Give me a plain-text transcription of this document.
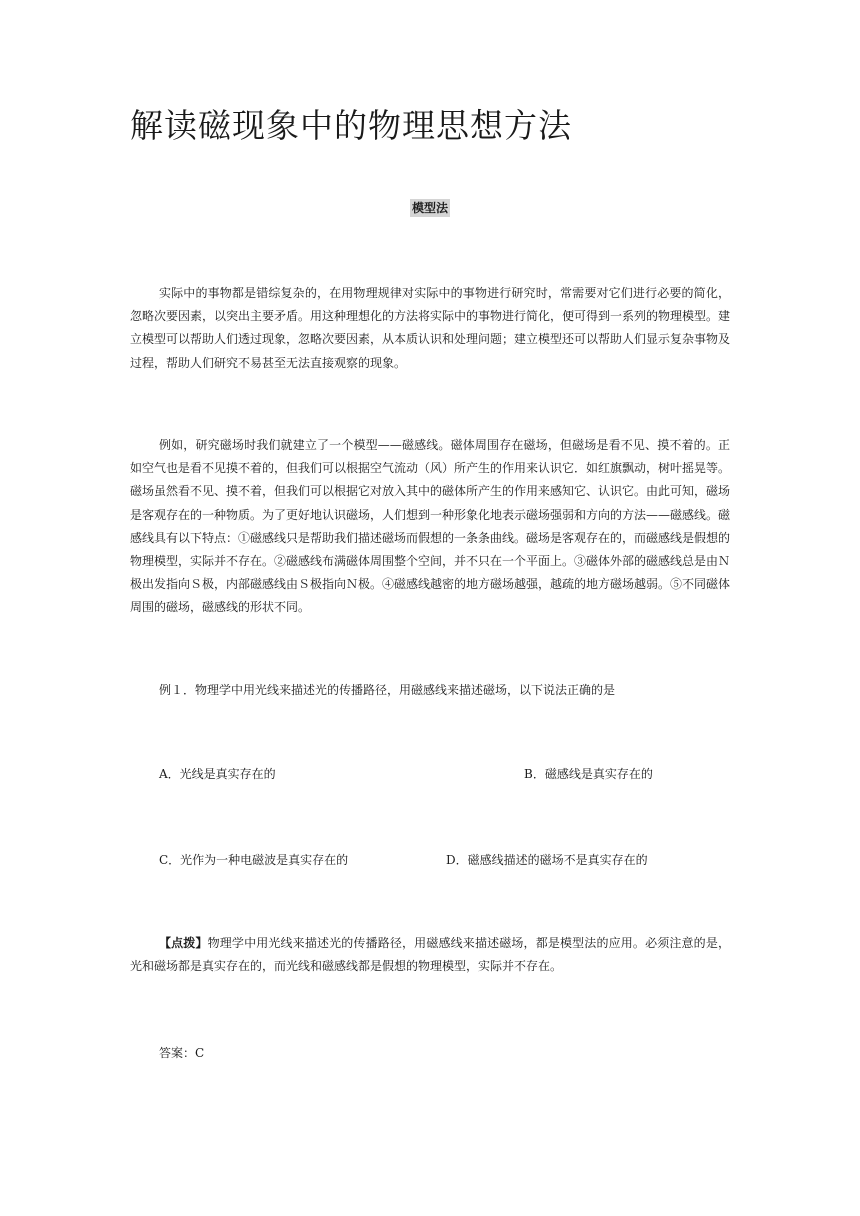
解读磁现象中的物理思想方法
模型法

实际中的事物都是错综复杂的，在用物理规律对实际中的事物进行研究时，常需要对它们进行必要的简化，忽略次要因素，以突出主要矛盾。用这种理想化的方法将实际中的事物进行简化，便可得到一系列的物理模型。建立模型可以帮助人们透过现象，忽略次要因素，从本质认识和处理问题；建立模型还可以帮助人们显示复杂事物及过程，帮助人们研究不易甚至无法直接观察的现象。

例如，研究磁场时我们就建立了一个模型——磁感线。磁体周围存在磁场，但磁场是看不见、摸不着的。正如空气也是看不见摸不着的，但我们可以根据空气流动（风）所产生的作用来认识它．如红旗飘动，树叶摇晃等。磁场虽然看不见、摸不着，但我们可以根据它对放入其中的磁体所产生的作用来感知它、认识它。由此可知，磁场是客观存在的一种物质。为了更好地认识磁场，人们想到一种形象化地表示磁场强弱和方向的方法——磁感线。磁感线具有以下特点：①磁感线只是帮助我们描述磁场而假想的一条条曲线。磁场是客观存在的，而磁感线是假想的物理模型，实际并不存在。②磁感线布满磁体周围整个空间，并不只在一个平面上。③磁体外部的磁感线总是由Ｎ极出发指向Ｓ极，内部磁感线由Ｓ极指向Ｎ极。④磁感线越密的地方磁场越强，越疏的地方磁场越弱。⑤不同磁体周围的磁场，磁感线的形状不同。

例１．物理学中用光线来描述光的传播路径，用磁感线来描述磁场，以下说法正确的是

A．光线是真实存在的	B．磁感线是真实存在的

C．光作为一种电磁波是真实存在的	D．磁感线描述的磁场不是真实存在的

【点拨】物理学中用光线来描述光的传播路径，用磁感线来描述磁场，都是模型法的应用。必须注意的是，光和磁场都是真实存在的，而光线和磁感线都是假想的物理模型，实际并不存在。

答案：C
